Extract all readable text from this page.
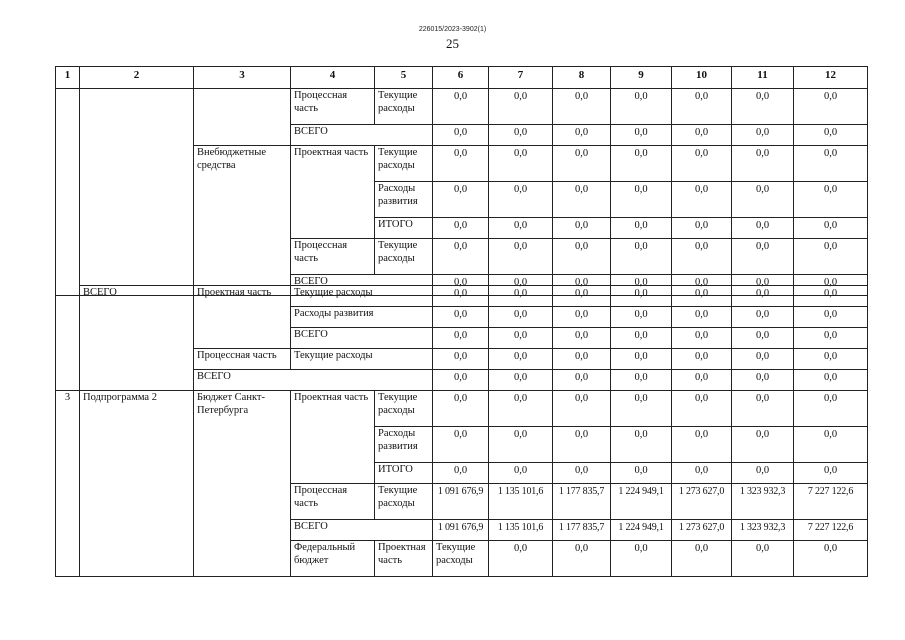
226015/2023-3902(1)
25
1	2	3	4	5	6	7	8	9	10	11	12
			Процессная часть	Текущие расходы	0,0	0,0	0,0	0,0	0,0	0,0	0,0
			ВСЕГО		0,0	0,0	0,0	0,0	0,0	0,0	0,0
		Внебюджетные средства	Проектная часть	Текущие расходы	0,0	0,0	0,0	0,0	0,0	0,0	0,0
				Расходы развития	0,0	0,0	0,0	0,0	0,0	0,0	0,0
				ИТОГО	0,0	0,0	0,0	0,0	0,0	0,0	0,0
			Процессная часть	Текущие расходы	0,0	0,0	0,0	0,0	0,0	0,0	0,0
			ВСЕГО		0,0	0,0	0,0	0,0	0,0	0,0	0,0
	ВСЕГО	Проектная часть	Текущие расходы		0,0	0,0	0,0	0,0	0,0	0,0	0,0	
			Расходы развития		0,0	0,0	0,0	0,0	0,0	0,0	0,0	
			ВСЕГО		0,0	0,0	0,0	0,0	0,0	0,0	0,0	
		Процессная часть	Текущие расходы		0,0	0,0	0,0	0,0	0,0	0,0	0,0	
		ВСЕГО			0,0	0,0	0,0	0,0	0,0	0,0	0,0	
3	Подпрограмма 2	Бюджет Санкт-Петербурга	Проектная часть	Текущие расходы	0,0	0,0	0,0	0,0	0,0	0,0	0,0	
				Расходы развития	0,0	0,0	0,0	0,0	0,0	0,0	0,0	
				ИТОГО	0,0	0,0	0,0	0,0	0,0	0,0	0,0	
			Процессная часть	Текущие расходы	1 091 676,9	1 135 101,6	1 177 835,7	1 224 949,1	1 273 627,0	1 323 932,3	7 227 122,6	
			ВСЕГО		1 091 676,9	1 135 101,6	1 177 835,7	1 224 949,1	1 273 627,0	1 323 932,3	7 227 122,6	
			Федеральный бюджет	Проектная часть	Текущие расходы	0,0	0,0	0,0	0,0	0,0	0,0	
